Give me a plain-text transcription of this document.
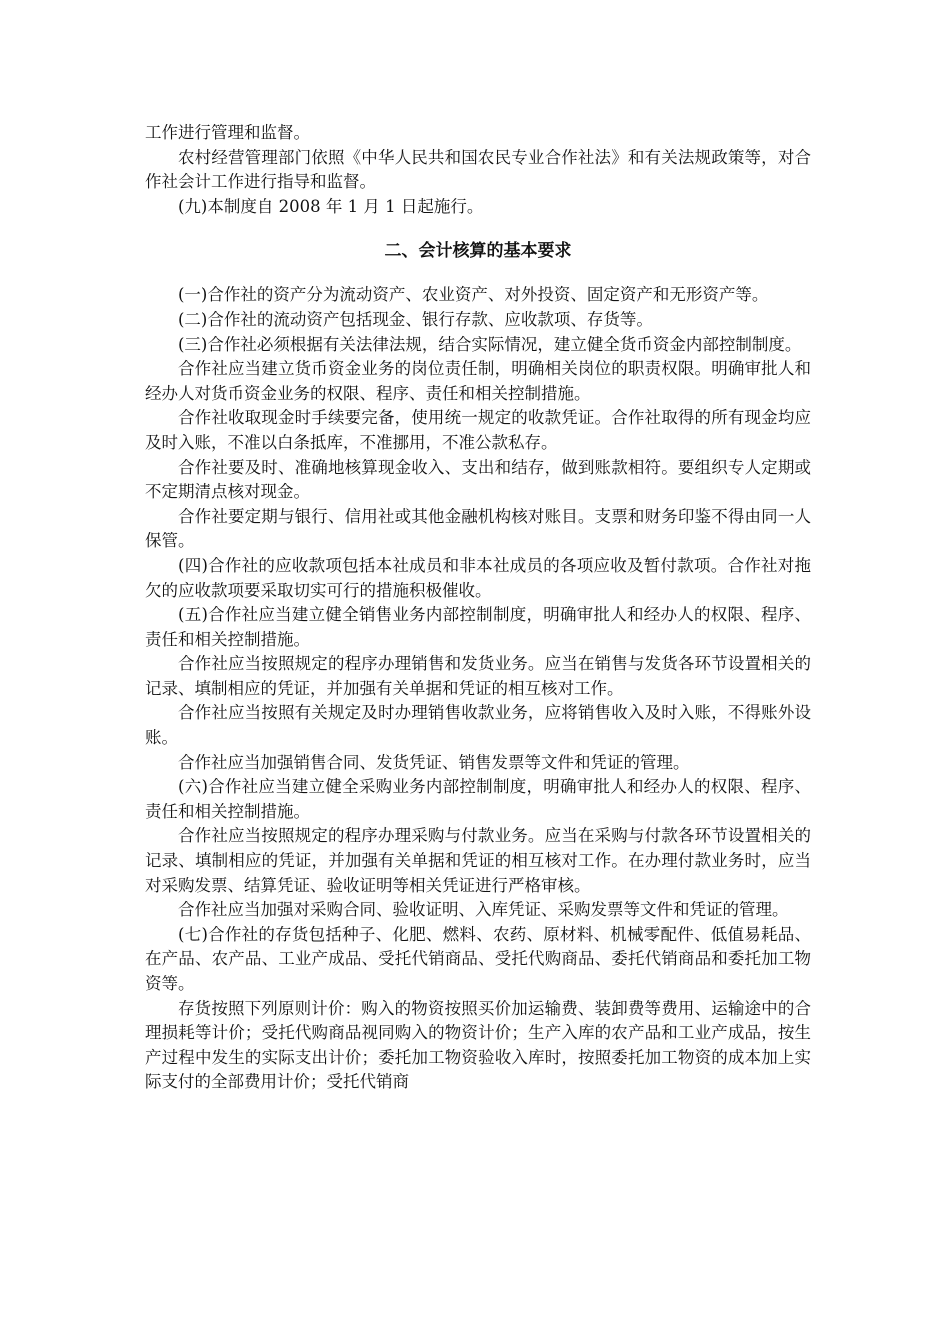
工作进行管理和监督。

农村经营管理部门依照《中华人民共和国农民专业合作社法》和有关法规政策等，对合作社会计工作进行指导和监督。

(九)本制度自 2008 年 1 月 1 日起施行。

二、会计核算的基本要求

(一)合作社的资产分为流动资产、农业资产、对外投资、固定资产和无形资产等。

(二)合作社的流动资产包括现金、银行存款、应收款项、存货等。

(三)合作社必须根据有关法律法规，结合实际情况，建立健全货币资金内部控制制度。

合作社应当建立货币资金业务的岗位责任制，明确相关岗位的职责权限。明确审批人和经办人对货币资金业务的权限、程序、责任和相关控制措施。

合作社收取现金时手续要完备，使用统一规定的收款凭证。合作社取得的所有现金均应及时入账，不准以白条抵库，不准挪用，不准公款私存。

合作社要及时、准确地核算现金收入、支出和结存，做到账款相符。要组织专人定期或不定期清点核对现金。

合作社要定期与银行、信用社或其他金融机构核对账目。支票和财务印鉴不得由同一人保管。

(四)合作社的应收款项包括本社成员和非本社成员的各项应收及暂付款项。合作社对拖欠的应收款项要采取切实可行的措施积极催收。

(五)合作社应当建立健全销售业务内部控制制度，明确审批人和经办人的权限、程序、责任和相关控制措施。

合作社应当按照规定的程序办理销售和发货业务。应当在销售与发货各环节设置相关的记录、填制相应的凭证，并加强有关单据和凭证的相互核对工作。

合作社应当按照有关规定及时办理销售收款业务，应将销售收入及时入账，不得账外设账。

合作社应当加强销售合同、发货凭证、销售发票等文件和凭证的管理。

(六)合作社应当建立健全采购业务内部控制制度，明确审批人和经办人的权限、程序、责任和相关控制措施。

合作社应当按照规定的程序办理采购与付款业务。应当在采购与付款各环节设置相关的记录、填制相应的凭证，并加强有关单据和凭证的相互核对工作。在办理付款业务时，应当对采购发票、结算凭证、验收证明等相关凭证进行严格审核。

合作社应当加强对采购合同、验收证明、入库凭证、采购发票等文件和凭证的管理。

(七)合作社的存货包括种子、化肥、燃料、农药、原材料、机械零配件、低值易耗品、在产品、农产品、工业产成品、受托代销商品、受托代购商品、委托代销商品和委托加工物资等。

存货按照下列原则计价：购入的物资按照买价加运输费、装卸费等费用、运输途中的合理损耗等计价；受托代购商品视同购入的物资计价；生产入库的农产品和工业产成品，按生产过程中发生的实际支出计价；委托加工物资验收入库时，按照委托加工物资的成本加上实际支付的全部费用计价；受托代销商
